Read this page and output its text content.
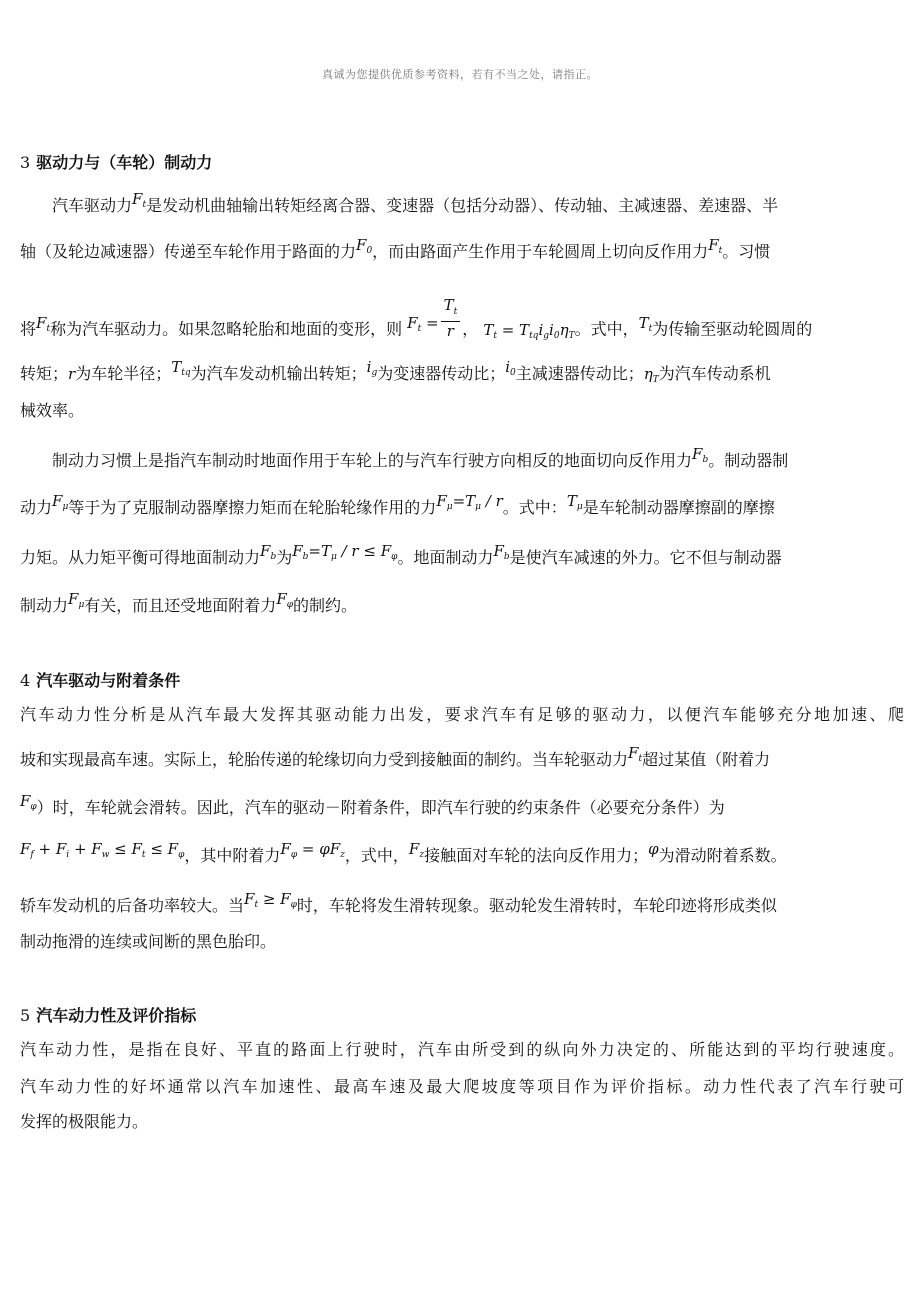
真诚为您提供优质参考资料，若有不当之处，请指正。
3 驱动力与（车轮）制动力
汽车驱动力$F_t$是发动机曲轴输出转矩经离合器、变速器（包括分动器）、传动轴、主减速器、差速器、半
轴（及轮边减速器）传递至车轮作用于路面的力$F_0$，而由路面产生作用于车轮圆周上切向反作用力$F_t$。习惯
将$F_t$称为汽车驱动力。如果忽略轮胎和地面的变形，则 $F_t = \frac{T_t}{r}$ ， $T_t = T_{tq}i_gi_0\eta_T$。式中，$T_t$为传输至驱动轮圆周的
转矩；r为车轮半径；$T_{tq}$为汽车发动机输出转矩；$i_g$为变速器传动比；$i_0$主减速器传动比；$\eta_T$为汽车传动系机
械效率。
制动力习惯上是指汽车制动时地面作用于车轮上的与汽车行驶方向相反的地面切向反作用力$F_b$。制动器制
动力$F_\mu$等于为了克服制动器摩擦力矩而在轮胎轮缘作用的力$F_\mu=T_\mu / r$。式中：$T_\mu$是车轮制动器摩擦副的摩擦
力矩。从力矩平衡可得地面制动力$F_b$为$F_b=T_\mu / r \le F_\varphi$。地面制动力$F_b$是使汽车减速的外力。它不但与制动器
制动力$F_\mu$有关，而且还受地面附着力$F_\varphi$的制约。
4 汽车驱动与附着条件
汽车动力性分析是从汽车最大发挥其驱动能力出发，要求汽车有足够的驱动力，以便汽车能够充分地加速、爬
坡和实现最高车速。实际上，轮胎传递的轮缘切向力受到接触面的制约。当车轮驱动力$F_t$超过某值（附着力
$F_\varphi$）时，车轮就会滑转。因此，汽车的驱动－附着条件，即汽车行驶的约束条件（必要充分条件）为
$F_f + F_i + F_w \le F_t \le F_\varphi$，其中附着力$F_\varphi = \varphi F_z$，式中，$F_z$接触面对车轮的法向反作用力；φ为滑动附着系数。
轿车发动机的后备功率较大。当$F_t \ge F_\varphi$时，车轮将发生滑转现象。驱动轮发生滑转时，车轮印迹将形成类似
制动拖滑的连续或间断的黑色胎印。
5 汽车动力性及评价指标
汽车动力性，是指在良好、平直的路面上行驶时，汽车由所受到的纵向外力决定的、所能达到的平均行驶速度。
汽车动力性的好坏通常以汽车加速性、最高车速及最大爬坡度等项目作为评价指标。动力性代表了汽车行驶可
发挥的极限能力。
